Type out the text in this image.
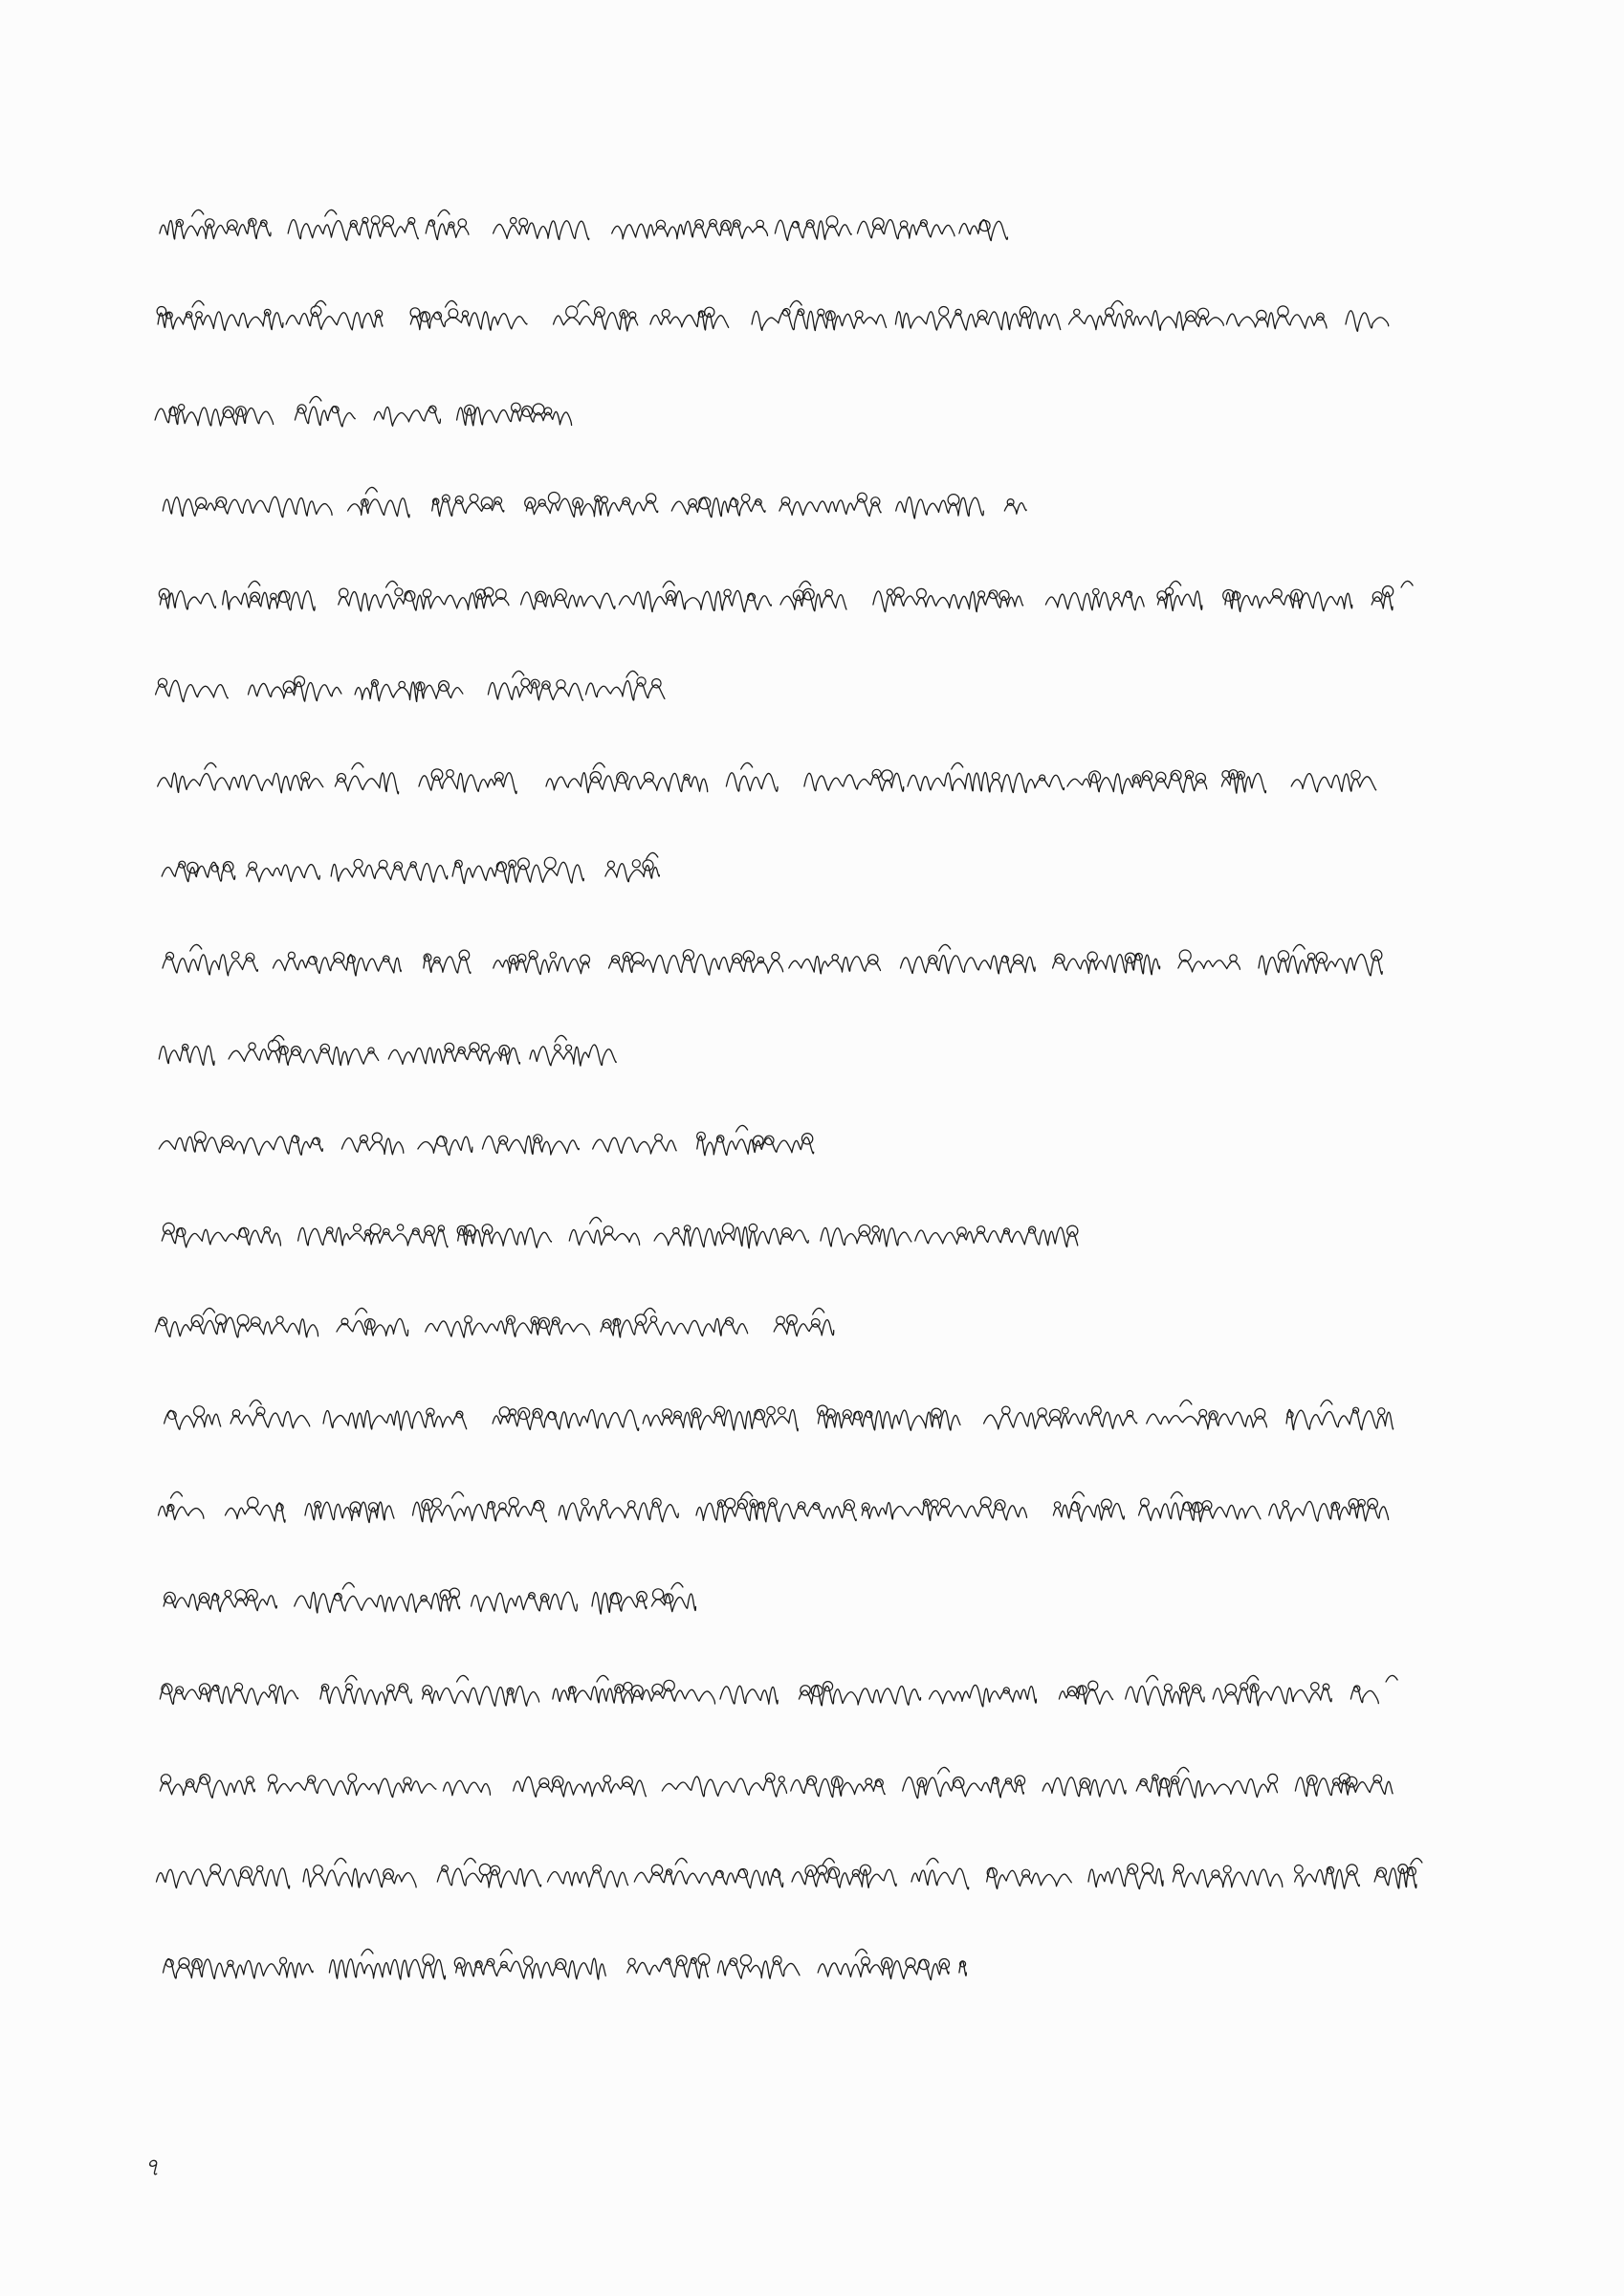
৭
